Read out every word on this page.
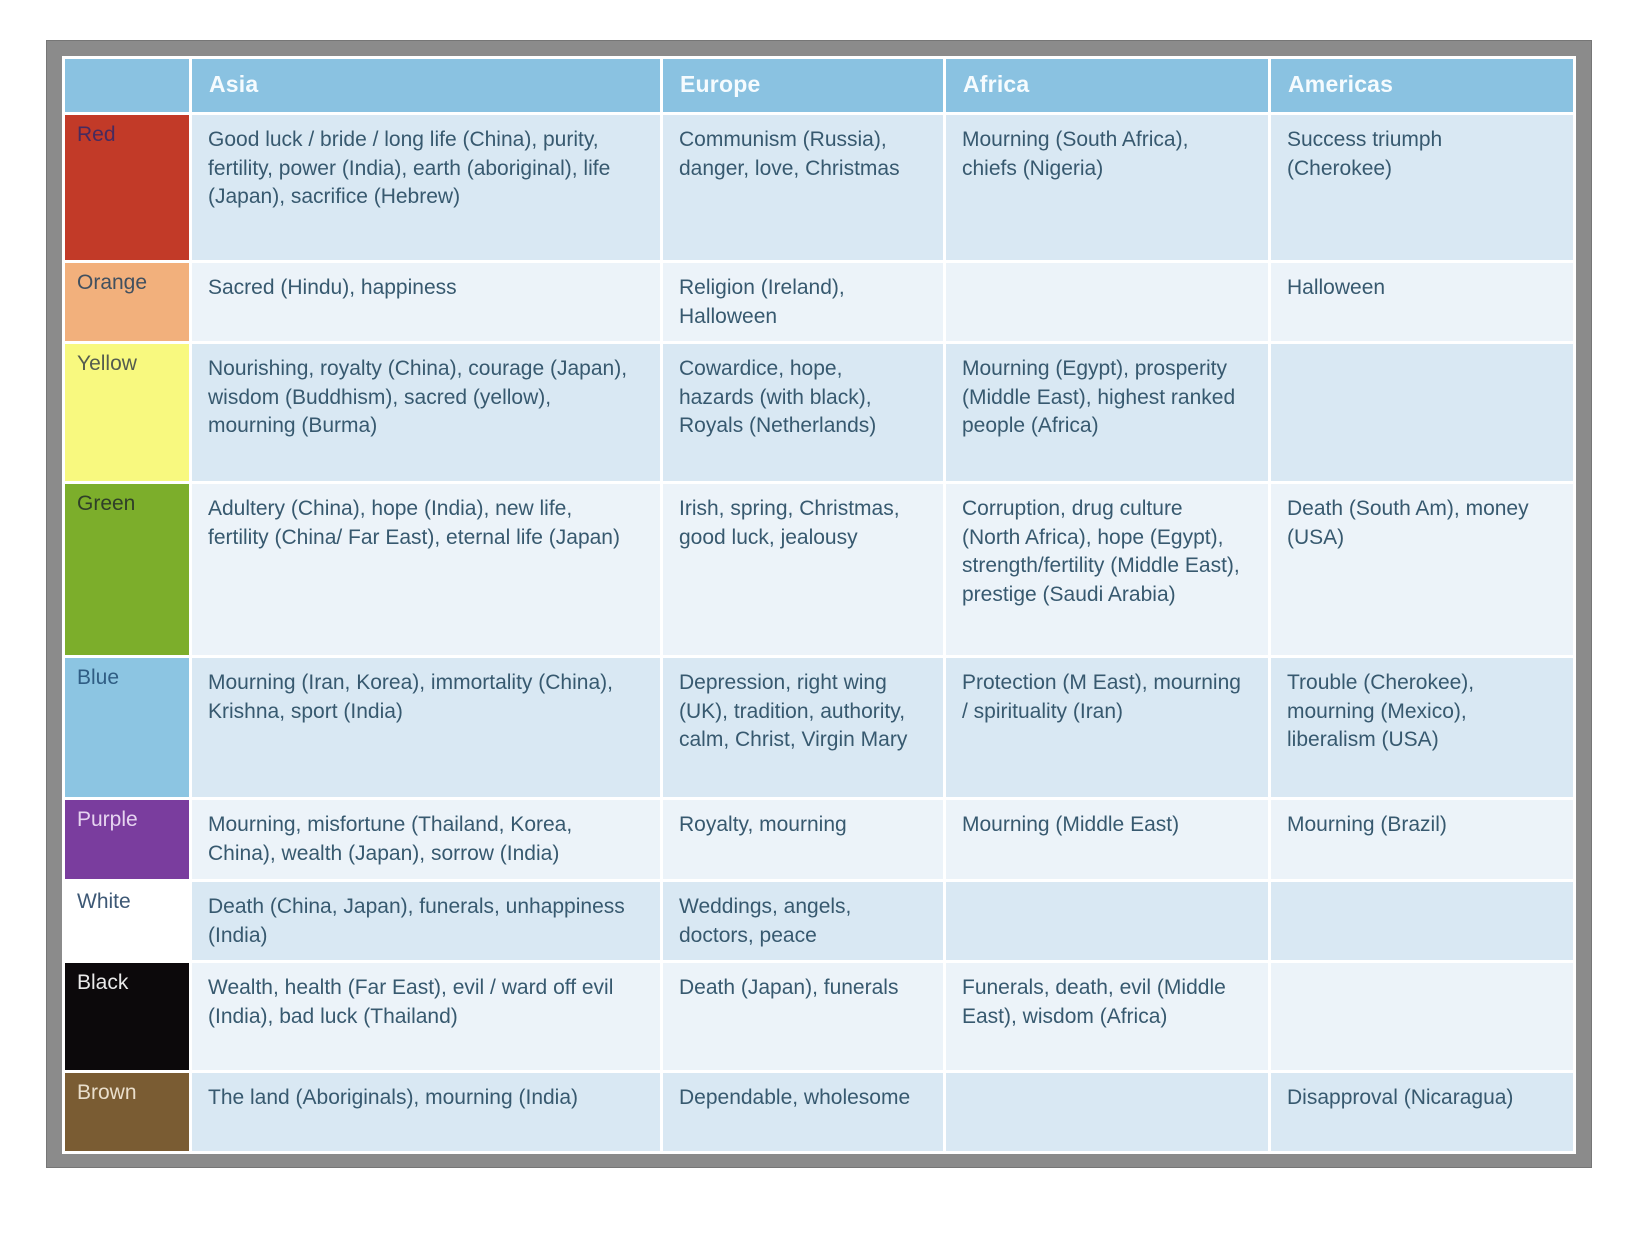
	Asia	Europe	Africa	Americas
Red	Good luck / bride / long life (China), purity, fertility, power (India), earth (aboriginal), life (Japan), sacrifice (Hebrew)	Communism (Russia), danger, love, Christmas	Mourning (South Africa), chiefs (Nigeria)	Success triumph (Cherokee)
Orange	Sacred (Hindu), happiness	Religion (Ireland), Halloween		Halloween
Yellow	Nourishing, royalty (China), courage (Japan), wisdom (Buddhism), sacred (yellow), mourning (Burma)	Cowardice, hope, hazards (with black), Royals (Netherlands)	Mourning (Egypt), prosperity (Middle East), highest ranked people (Africa)	
Green	Adultery (China), hope (India), new life, fertility (China/ Far East), eternal life (Japan)	Irish, spring, Christmas, good luck, jealousy	Corruption, drug culture (North Africa), hope (Egypt), strength/fertility (Middle East), prestige (Saudi Arabia)	Death (South Am), money (USA)
Blue	Mourning (Iran, Korea), immortality (China), Krishna, sport (India)	Depression, right wing (UK), tradition, authority, calm, Christ, Virgin Mary	Protection (M East), mourning / spirituality (Iran)	Trouble (Cherokee), mourning (Mexico), liberalism (USA)
Purple	Mourning, misfortune (Thailand, Korea, China), wealth (Japan), sorrow (India)	Royalty, mourning	Mourning (Middle East)	Mourning (Brazil)
White	Death (China, Japan), funerals, unhappiness (India)	Weddings, angels, doctors, peace		
Black	Wealth, health (Far East), evil / ward off evil (India), bad luck (Thailand)	Death (Japan), funerals	Funerals, death, evil (Middle East), wisdom (Africa)	
Brown	The land (Aboriginals), mourning (India)	Dependable, wholesome		Disapproval (Nicaragua)
